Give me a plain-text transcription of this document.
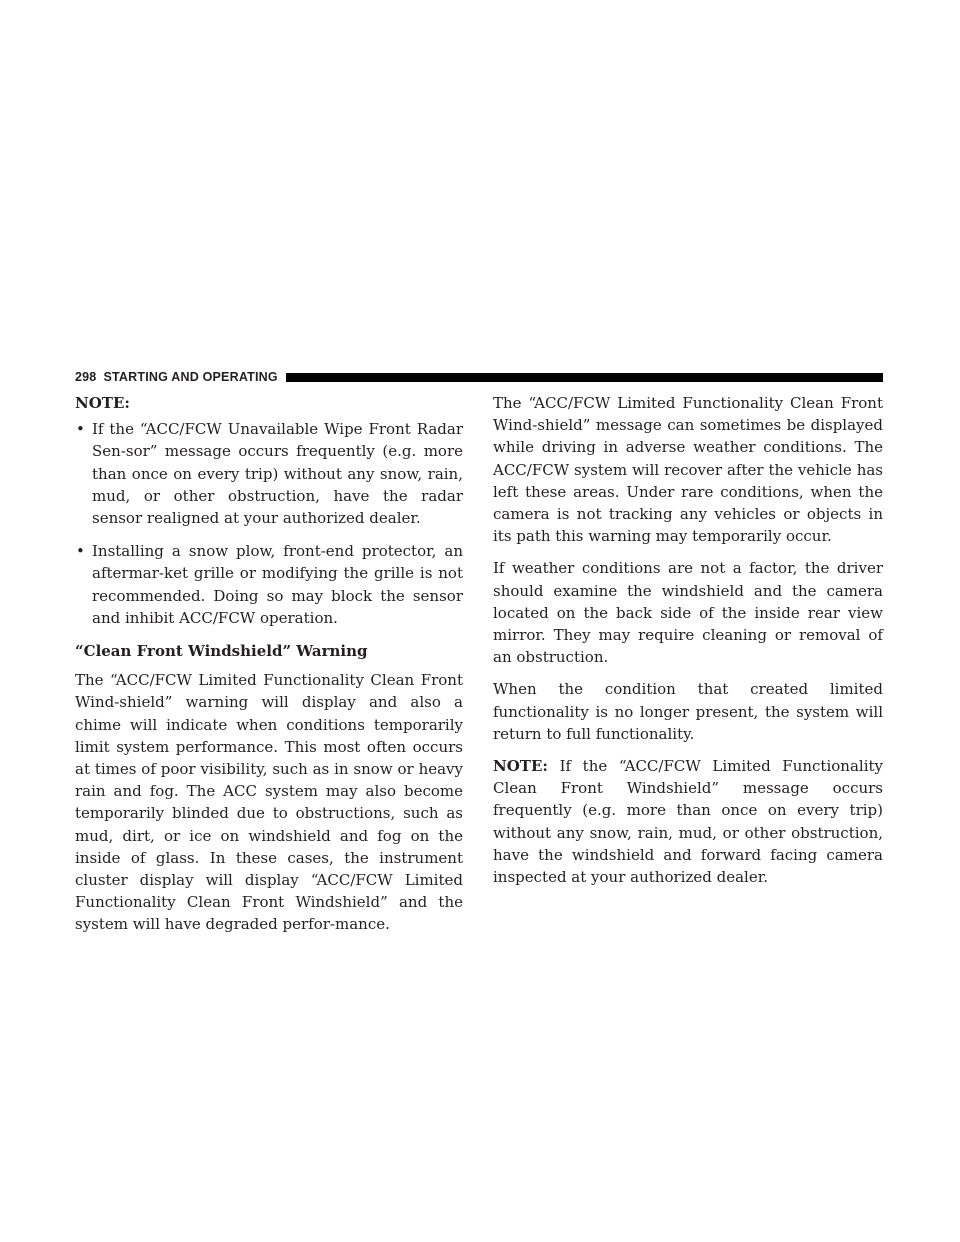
298 STARTING AND OPERATING
NOTE:
• If the “ACC/FCW Unavailable Wipe Front Radar Sen-sor” message occurs frequently (e.g. more than once on every trip) without any snow, rain, mud, or other obstruction, have the radar sensor realigned at your authorized dealer.
• Installing a snow plow, front-end protector, an aftermar-ket grille or modifying the grille is not recommended. Doing so may block the sensor and inhibit ACC/FCW operation.
“Clean Front Windshield” Warning

The “ACC/FCW Limited Functionality Clean Front Wind-shield” warning will display and also a chime will indicate when conditions temporarily limit system performance. This most often occurs at times of poor visibility, such as in snow or heavy rain and fog. The ACC system may also become temporarily blinded due to obstructions, such as mud, dirt, or ice on windshield and fog on the inside of glass. In these cases, the instrument cluster display will display “ACC/FCW Limited Functionality Clean Front Windshield” and the system will have degraded perfor-mance.

The “ACC/FCW Limited Functionality Clean Front Wind-shield” message can sometimes be displayed while driving in adverse weather conditions. The ACC/FCW system will recover after the vehicle has left these areas. Under rare conditions, when the camera is not tracking any vehicles or objects in its path this warning may temporarily occur.

If weather conditions are not a factor, the driver should examine the windshield and the camera located on the back side of the inside rear view mirror. They may require cleaning or removal of an obstruction.

When the condition that created limited functionality is no longer present, the system will return to full functionality.

NOTE: If the “ACC/FCW Limited Functionality Clean Front Windshield” message occurs frequently (e.g. more than once on every trip) without any snow, rain, mud, or other obstruction, have the windshield and forward facing camera inspected at your authorized dealer.
